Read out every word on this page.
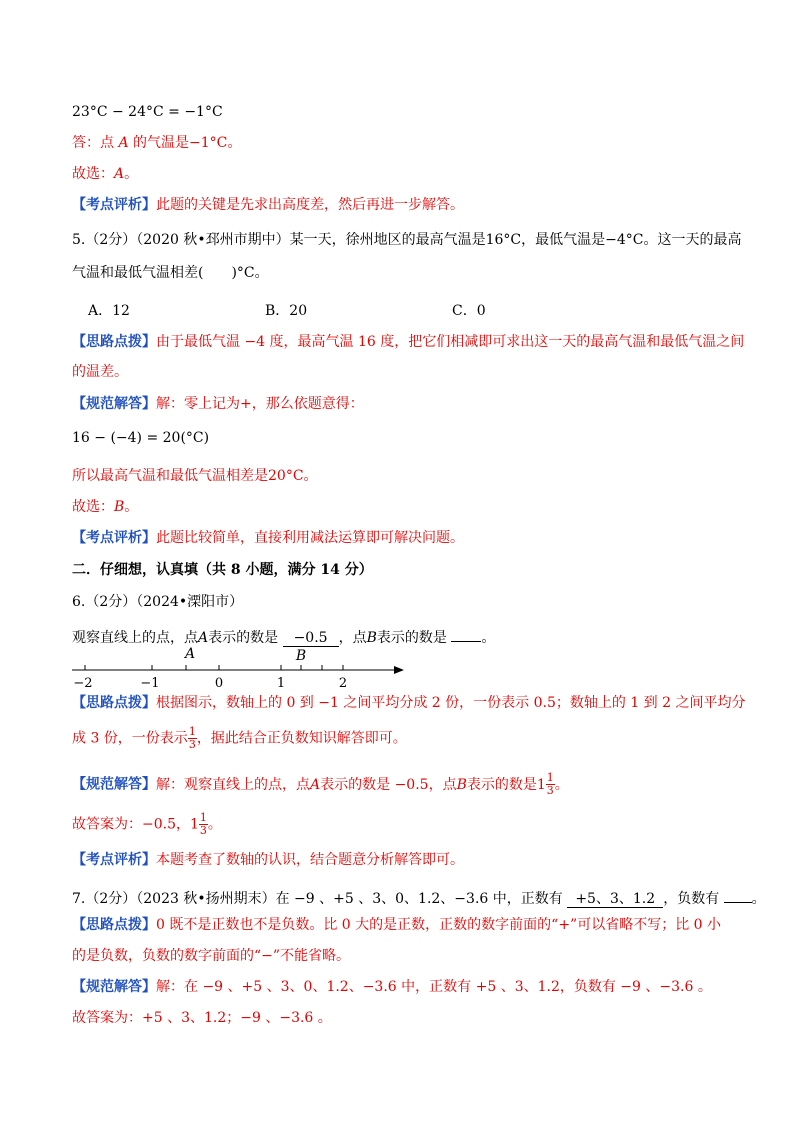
23°C − 24°C = −1°C
答：点 A 的气温是−1°C。
故选：A。
【考点评析】此题的关键是先求出高度差，然后再进一步解答。
5.（2分）（2020 秋•邳州市期中）某一天，徐州地区的最高气温是16°C，最低气温是−4°C。这一天的最高
气温和最低气温相差(　　)°C。
A．12	B．20	C．0
【思路点拨】由于最低气温 −4 度，最高气温 16 度，把它们相减即可求出这一天的最高气温和最低气温之间
的温差。
【规范解答】解：零上记为+，那么依题意得：
16 − (−4) = 20(°C)
所以最高气温和最低气温相差是20°C。
故选：B。
【考点评析】此题比较简单，直接利用减法运算即可解决问题。
二．仔细想，认真填（共 8 小题，满分 14 分）
6.（2分）（2024•溧阳市）
观察直线上的点，点A表示的数是 −0.5 ，点B表示的数是 。
A	B
−2	−1	0	1	2
【思路点拨】根据图示，数轴上的 0 到 −1 之间平均分成 2 份，一份表示 0.5；数轴上的 1 到 2 之间平均分
成 3 份，一份表示 $\frac{1}{3}$ ，据此结合正负数知识解答即可。
【规范解答】解：观察直线上的点，点A表示的数是 −0.5，点B表示的数是$1 \frac{1}{3}$ 。
故答案为：−0.5，$1 \frac{1}{3}$ 。
【考点评析】本题考查了数轴的认识，结合题意分析解答即可。
7.（2分）（2023 秋•扬州期末）在 −9 、+5 、3、0、1.2、−3.6 中，正数有 +5、3、1.2 ，负数有 。
【思路点拨】0 既不是正数也不是负数。比 0 大的是正数，正数的数字前面的“+”可以省略不写；比 0 小
的是负数，负数的数字前面的“−”不能省略。
【规范解答】解：在 −9 、+5 、3、0、1.2、−3.6 中，正数有 +5 、3、1.2，负数有 −9 、−3.6 。
故答案为：+5 、3、1.2；−9 、−3.6 。
